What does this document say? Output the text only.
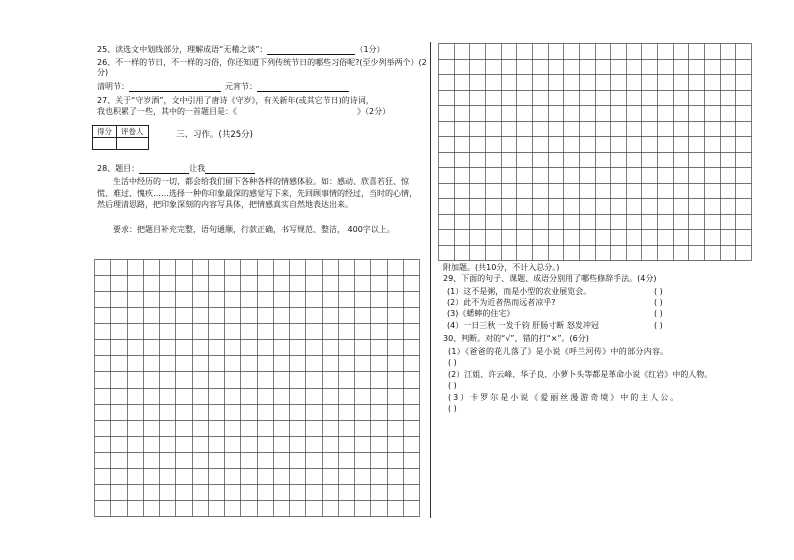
25、读选文中划线部分，理解成语“无稽之谈”：	（1分）
26、不一样的节日，不一样的习俗，你还知道下列传统节日的哪些习俗呢?(至少列举两个）(2分)
清明节：	元宵节：
27、关于“守岁酒”，文中引用了唐诗《守岁》，有关新年(或其它节日)的诗词，
我也积累了一些，其中的一首题目是：《	》（2分）
得分	评卷人
		三、习作。(共25分)
28、题目：	让我
生活中经历的一切，都会给我们留下各种各样的情感体验。如：感动、欣喜若狂、惊慌、难过、愧疚……选择一种你印象最深的感觉写下来，先回顾事情的经过，当时的心情，然后理清思路，把印象深刻的内容写具体，把情感真实自然地表达出来。
要求：把题目补充完整，语句通顺，行款正确，书写规范、整洁， 400字以上。
附加题。(共10分，不计入总分。)
29、下面的句子、课题、成语分别用了哪些修辞手法。(4分)
(1）这不是粥，而是小型的农业展览会。	( )
(2）此不为近者热而远者凉乎?	( )
(3)《蟋蟀的住宅》	( )
(4）一日三秋 一发千钧 肝肠寸断 怒发冲冠	( )
30、判断。对的“√”，错的打“×”。(6分)
(1）《爸爸的花儿落了》是小说《呼兰河传》中的部分内容。
( )
(2）江姐、许云峰、华子良、小萝卜头等都是革命小说《红岩》中的人物。
( )
(3）卡罗尔是小说《爱丽丝漫游奇境》中的主人公。
( )
